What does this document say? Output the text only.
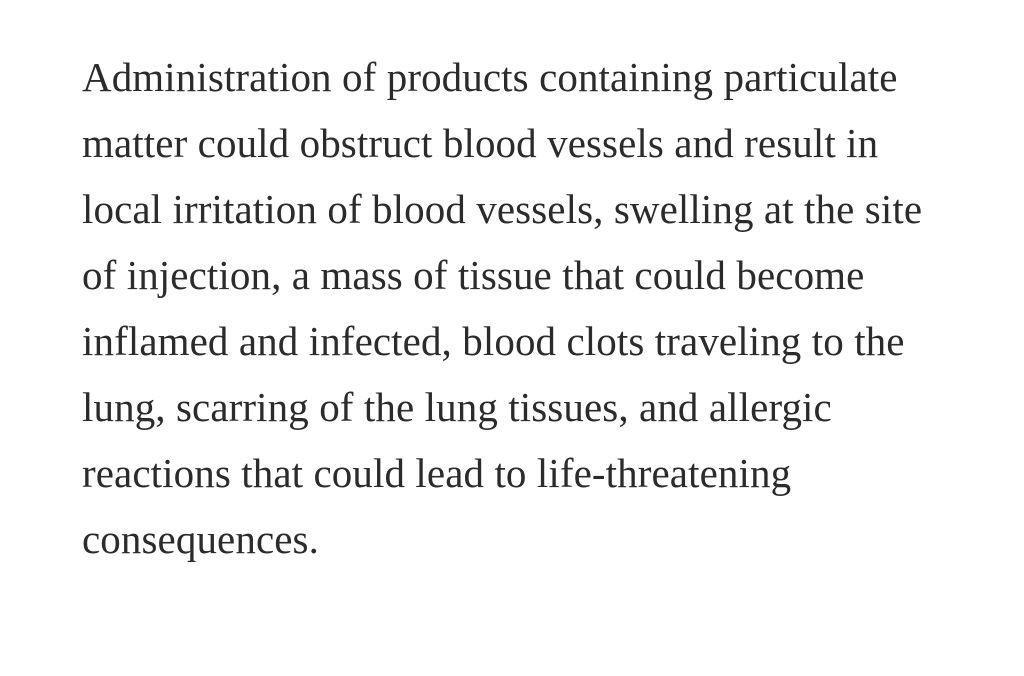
Administration of products containing particulate matter could obstruct blood vessels and result in local irritation of blood vessels, swelling at the site of injection, a mass of tissue that could become inflamed and infected, blood clots traveling to the lung, scarring of the lung tissues, and allergic reactions that could lead to life-threatening consequences.
